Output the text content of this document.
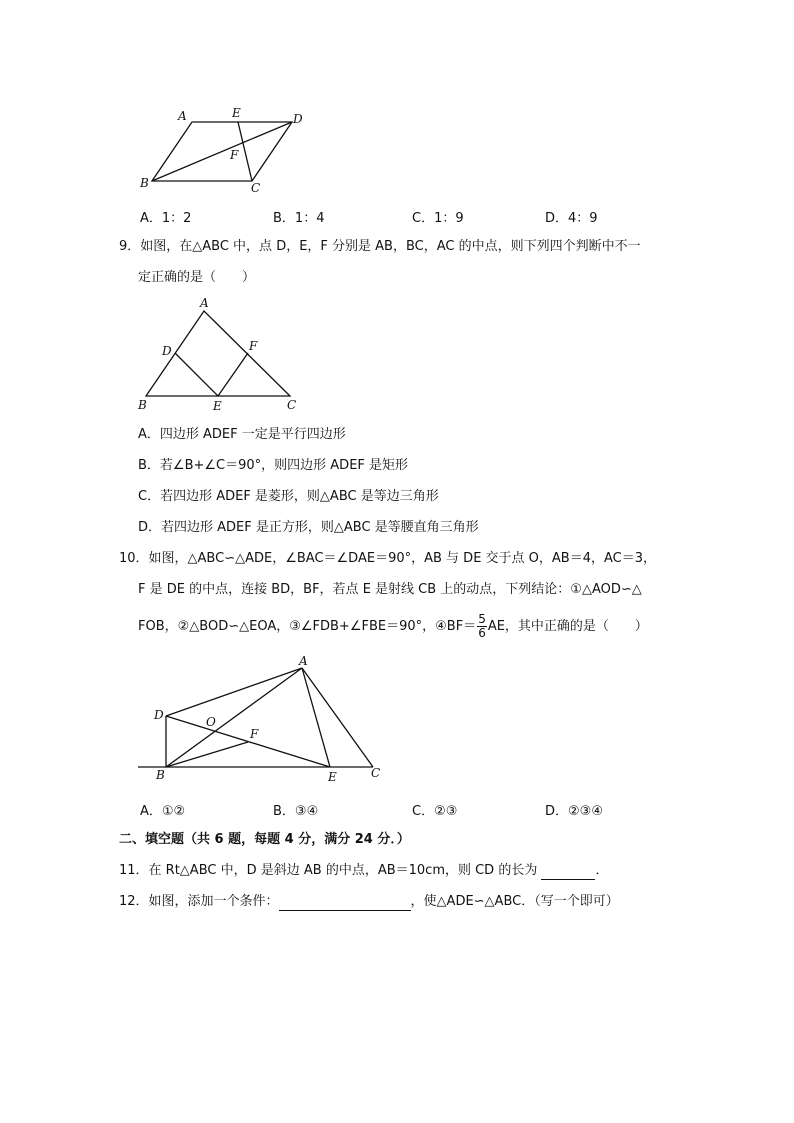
A	E	D
F
B	C
A．1：2	B．1：4	C．1：9	D．4：9
9．如图，在△ABC 中，点 D，E，F 分别是 AB，BC，AC 的中点，则下列四个判断中不一
定正确的是（　　）
A
D	F
B	E	C
A．四边形 ADEF 一定是平行四边形
B．若∠B+∠C＝90°，则四边形 ADEF 是矩形
C．若四边形 ADEF 是菱形，则△ABC 是等边三角形
D．若四边形 ADEF 是正方形，则△ABC 是等腰直角三角形
10．如图，△ABC∽△ADE，∠BAC＝∠DAE＝90°，AB 与 DE 交于点 O，AB＝4，AC＝3，
F 是 DE 的中点，连接 BD，BF，若点 E 是射线 CB 上的动点，下列结论：①△AOD∽△
FOB，②△BOD∽△EOA，③∠FDB+∠FBE＝90°，④BF＝ $\frac{5}{6}$ AE，其中正确的是（　　）
A
D	O
F
B	E	C
A．①②	B．③④	C．②③	D．②③④
二、填空题（共 6 题，每题 4 分，满分 24 分．）
11．在 Rt△ABC 中，D 是斜边 AB 的中点，AB＝10cm，则 CD 的长为	．
12．如图，添加一个条件：	，使△ADE∽△ABC．（写一个即可）
